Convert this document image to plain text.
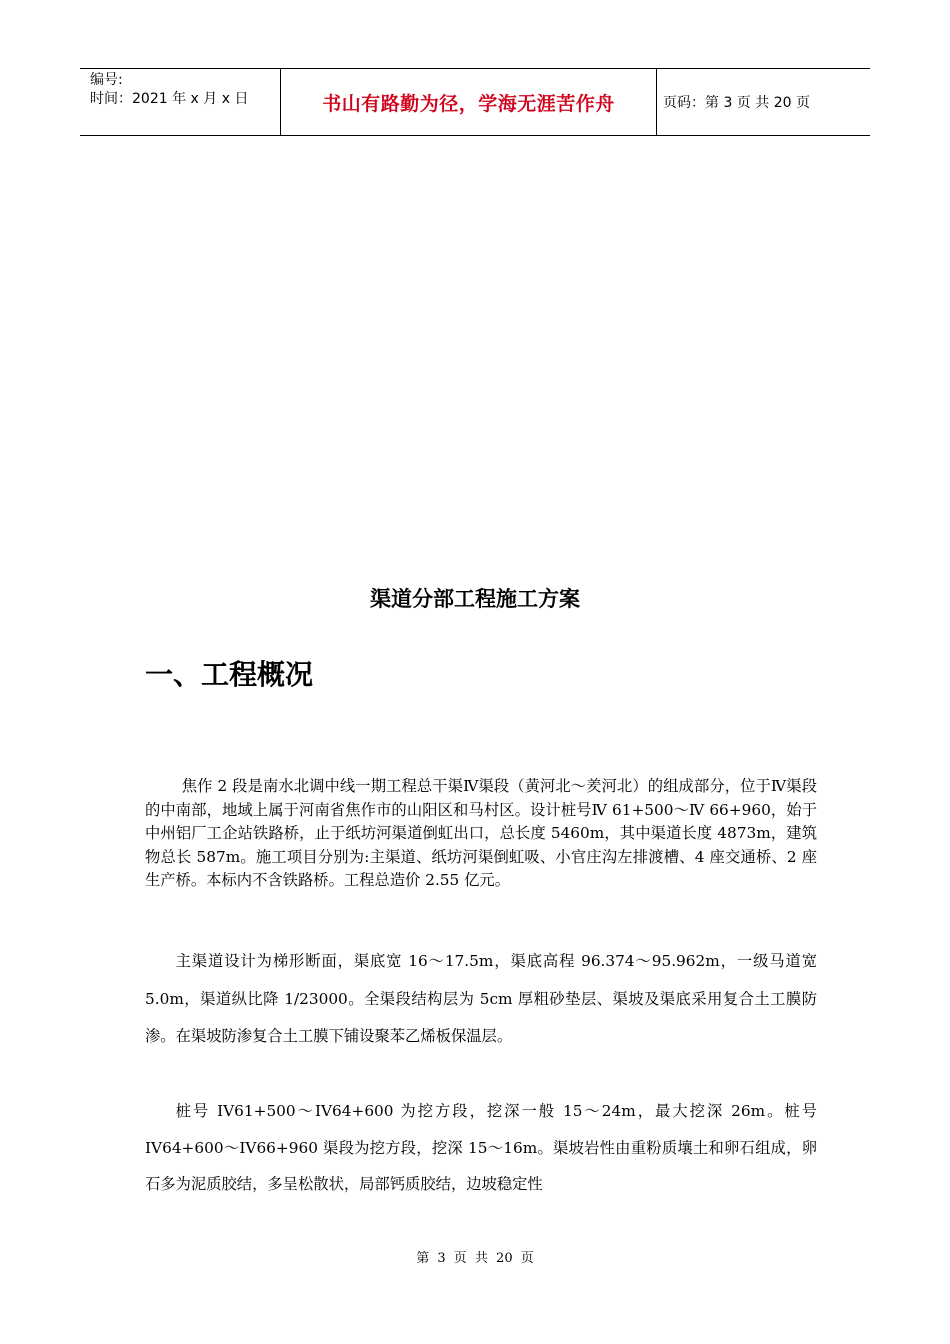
编号:
时间：2021 年 x 月 x 日	书山有路勤为径，学海无涯苦作舟	页码：第 3 页 共 20 页
渠道分部工程施工方案
一、工程概况

焦作 2 段是南水北调中线一期工程总干渠Ⅳ渠段（黄河北～羑河北）的组成部分，位于Ⅳ渠段的中南部，地域上属于河南省焦作市的山阳区和马村区。设计桩号Ⅳ 61+500～Ⅳ 66+960，始于中州铝厂工企站铁路桥，止于纸坊河渠道倒虹出口，总长度 5460m，其中渠道长度 4873m，建筑物总长 587m。施工项目分别为:主渠道、纸坊河渠倒虹吸、小官庄沟左排渡槽、4 座交通桥、2 座生产桥。本标内不含铁路桥。工程总造价 2.55 亿元。

主渠道设计为梯形断面，渠底宽 16～17.5m，渠底高程 96.374～95.962m，一级马道宽 5.0m，渠道纵比降 1/23000。全渠段结构层为 5cm 厚粗砂垫层、渠坡及渠底采用复合土工膜防渗。在渠坡防渗复合土工膜下铺设聚苯乙烯板保温层。

桩号 IV61+500～IV64+600 为挖方段，挖深一般 15～24m，最大挖深 26m。桩号 IV64+600～IV66+960 渠段为挖方段，挖深 15～16m。渠坡岩性由重粉质壤土和卵石组成，卵石多为泥质胶结，多呈松散状，局部钙质胶结，边坡稳定性

第 3 页 共 20 页
